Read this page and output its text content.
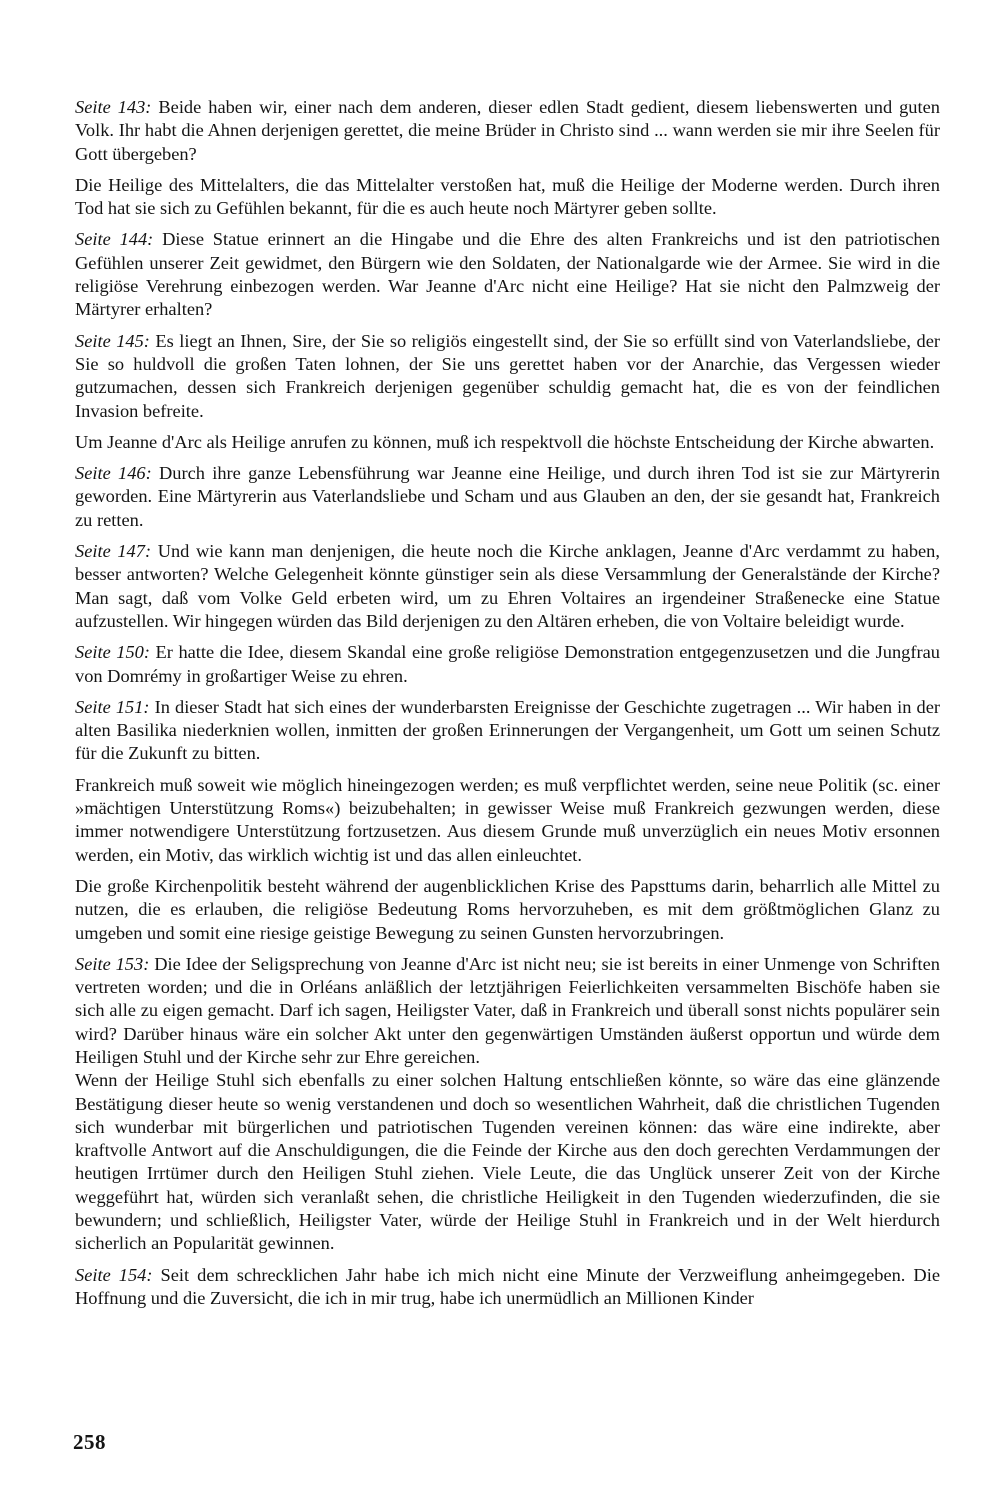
Seite 143: Beide haben wir, einer nach dem anderen, dieser edlen Stadt gedient, diesem liebenswerten und guten Volk. Ihr habt die Ahnen derjenigen gerettet, die meine Brüder in Christo sind ... wann werden sie mir ihre Seelen für Gott übergeben?

Die Heilige des Mittelalters, die das Mittelalter verstoßen hat, muß die Heilige der Moderne werden. Durch ihren Tod hat sie sich zu Gefühlen bekannt, für die es auch heute noch Märtyrer geben sollte.

Seite 144: Diese Statue erinnert an die Hingabe und die Ehre des alten Frankreichs und ist den patriotischen Gefühlen unserer Zeit gewidmet, den Bürgern wie den Soldaten, der Nationalgarde wie der Armee. Sie wird in die religiöse Verehrung einbezogen werden. War Jeanne d'Arc nicht eine Heilige? Hat sie nicht den Palmzweig der Märtyrer erhalten?

Seite 145: Es liegt an Ihnen, Sire, der Sie so religiös eingestellt sind, der Sie so erfüllt sind von Vaterlandsliebe, der Sie so huldvoll die großen Taten lohnen, der Sie uns gerettet haben vor der Anarchie, das Vergessen wieder gutzumachen, dessen sich Frankreich derjenigen gegenüber schuldig gemacht hat, die es von der feindlichen Invasion befreite.

Um Jeanne d'Arc als Heilige anrufen zu können, muß ich respektvoll die höchste Entscheidung der Kirche abwarten.

Seite 146: Durch ihre ganze Lebensführung war Jeanne eine Heilige, und durch ihren Tod ist sie zur Märtyrerin geworden. Eine Märtyrerin aus Vaterlandsliebe und Scham und aus Glauben an den, der sie gesandt hat, Frankreich zu retten.

Seite 147: Und wie kann man denjenigen, die heute noch die Kirche anklagen, Jeanne d'Arc verdammt zu haben, besser antworten? Welche Gelegenheit könnte günstiger sein als diese Versammlung der Generalstände der Kirche? Man sagt, daß vom Volke Geld erbeten wird, um zu Ehren Voltaires an irgendeiner Straßenecke eine Statue aufzustellen. Wir hingegen würden das Bild derjenigen zu den Altären erheben, die von Voltaire beleidigt wurde.

Seite 150: Er hatte die Idee, diesem Skandal eine große religiöse Demonstration entgegenzusetzen und die Jungfrau von Domrémy in großartiger Weise zu ehren.

Seite 151: In dieser Stadt hat sich eines der wunderbarsten Ereignisse der Geschichte zugetragen ... Wir haben in der alten Basilika niederknien wollen, inmitten der großen Erinnerungen der Vergangenheit, um Gott um seinen Schutz für die Zukunft zu bitten.

Frankreich muß soweit wie möglich hineingezogen werden; es muß verpflichtet werden, seine neue Politik (sc. einer »mächtigen Unterstützung Roms«) beizubehalten; in gewisser Weise muß Frankreich gezwungen werden, diese immer notwendigere Unterstützung fortzusetzen. Aus diesem Grunde muß unverzüglich ein neues Motiv ersonnen werden, ein Motiv, das wirklich wichtig ist und das allen einleuchtet.

Die große Kirchenpolitik besteht während der augenblicklichen Krise des Papsttums darin, beharrlich alle Mittel zu nutzen, die es erlauben, die religiöse Bedeutung Roms hervorzuheben, es mit dem größtmöglichen Glanz zu umgeben und somit eine riesige geistige Bewegung zu seinen Gunsten hervorzubringen.

Seite 153: Die Idee der Seligsprechung von Jeanne d'Arc ist nicht neu; sie ist bereits in einer Unmenge von Schriften vertreten worden; und die in Orléans anläßlich der letztjährigen Feierlichkeiten versammelten Bischöfe haben sie sich alle zu eigen gemacht. Darf ich sagen, Heiligster Vater, daß in Frankreich und überall sonst nichts populärer sein wird? Darüber hinaus wäre ein solcher Akt unter den gegenwärtigen Umständen äußerst opportun und würde dem Heiligen Stuhl und der Kirche sehr zur Ehre gereichen.

Wenn der Heilige Stuhl sich ebenfalls zu einer solchen Haltung entschließen könnte, so wäre das eine glänzende Bestätigung dieser heute so wenig verstandenen und doch so wesentlichen Wahrheit, daß die christlichen Tugenden sich wunderbar mit bürgerlichen und patriotischen Tugenden vereinen können: das wäre eine indirekte, aber kraftvolle Antwort auf die Anschuldigungen, die die Feinde der Kirche aus den doch gerechten Verdammungen der heutigen Irrtümer durch den Heiligen Stuhl ziehen. Viele Leute, die das Unglück unserer Zeit von der Kirche weggeführt hat, würden sich veranlaßt sehen, die christliche Heiligkeit in den Tugenden wiederzufinden, die sie bewundern; und schließlich, Heiligster Vater, würde der Heilige Stuhl in Frankreich und in der Welt hierdurch sicherlich an Popularität gewinnen.

Seite 154: Seit dem schrecklichen Jahr habe ich mich nicht eine Minute der Verzweiflung anheimgegeben. Die Hoffnung und die Zuversicht, die ich in mir trug, habe ich unermüdlich an Millionen Kinder

258
